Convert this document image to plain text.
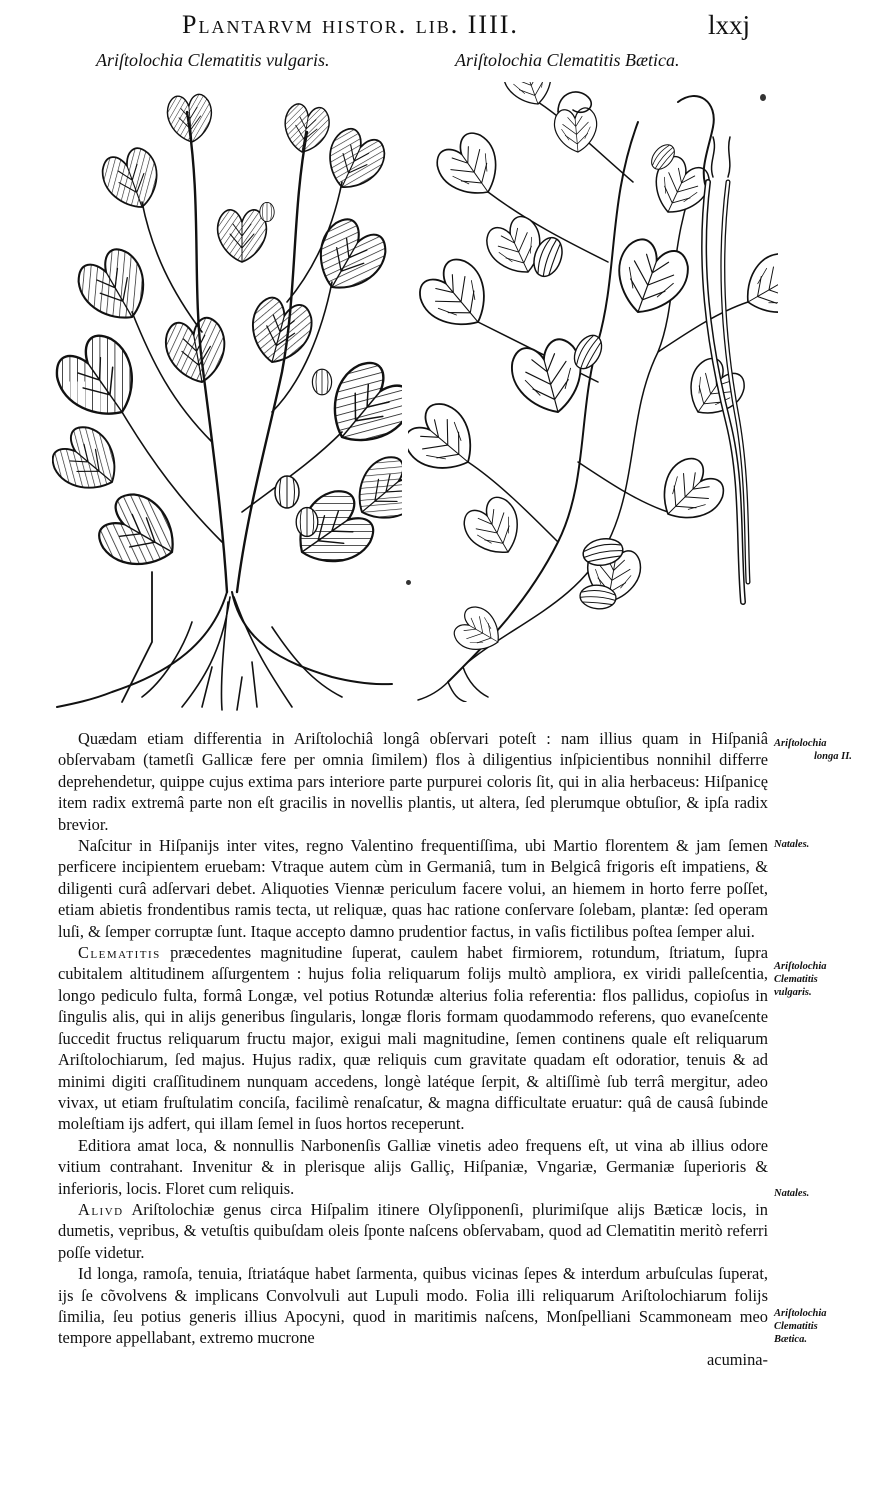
Plantarvm histor. lib. IIII.	lxxj
Ariſtolochia Clematitis vulgaris.	Ariſtolochia Clematitis Bætica.

Quædam etiam differentia in Ariſtolochiâ longâ obſervari poteſt : nam illius quam in Hiſpaniâ obſervabam (tametſi Gallicæ fere per omnia ſimilem) flos à diligentius inſpicientibus nonnihil differre deprehendetur, quippe cujus extima pars interiore parte purpurei coloris ſit, qui in alia herbaceus: Hiſpanicę item radix extremâ parte non eſt gracilis in novellis plantis, ut altera, ſed plerumque obtuſior, & ipſa radix brevior.

Naſcitur in Hiſpanijs inter vites, regno Valentino frequentiſſima, ubi Martio florentem & jam ſemen perficere incipientem eruebam: Vtraque autem cùm in Germaniâ, tum in Belgicâ frigoris eſt impatiens, & diligenti curâ adſervari debet. Aliquoties Viennæ periculum facere volui, an hiemem in horto ferre poſſet, etiam abietis frondentibus ramis tecta, ut reliquæ, quas hac ratione conſervare ſolebam, plantæ: ſed operam luſi, & ſemper corruptæ ſunt. Itaque accepto damno prudentior factus, in vaſis fictilibus poſtea ſemper alui.

Clematitis præcedentes magnitudine ſuperat, caulem habet firmiorem, rotundum, ſtriatum, ſupra cubitalem altitudinem aſſurgentem : hujus folia reliquarum folijs multò ampliora, ex viridi palleſcentia, longo pediculo fulta, formâ Longæ, vel potius Rotundæ alterius folia referentia: flos pallidus, copioſus in ſingulis alis, qui in alijs generibus ſingularis, longæ floris formam quodammodo referens, quo evaneſcente ſuccedit fructus reliquarum fructu major, exigui mali magnitudine, ſemen continens quale eſt reliquarum Ariſtolochiarum, ſed majus. Hujus radix, quæ reliquis cum gravitate quadam eſt odoratior, tenuis & ad minimi digiti craſſitudinem nunquam accedens, longè latéque ſerpit, & altiſſimè ſub terrâ mergitur, adeo vivax, ut etiam fruſtulatim conciſa, facilimè renaſcatur, & magna difficultate eruatur: quâ de causâ ſubinde moleſtiam ijs adfert, qui illam ſemel in ſuos hortos receperunt.

Editiora amat loca, & nonnullis Narbonenſis Galliæ vinetis adeo frequens eſt, ut vina ab illius odore vitium contrahant. Invenitur & in plerisque alijs Galliç, Hiſpaniæ, Vngariæ, Germaniæ ſuperioris & inferioris, locis. Floret cum reliquis.

Alivd Ariſtolochiæ genus circa Hiſpalim itinere Olyſipponenſi, plurimiſque alijs Bæticæ locis, in dumetis, vepribus, & vetuſtis quibuſdam oleis ſponte naſcens obſervabam, quod ad Clematitin meritò referri poſſe videtur.

Id longa, ramoſa, tenuia, ſtriatáque habet ſarmenta, quibus vicinas ſepes & interdum arbuſculas ſuperat, ijs ſe cõvolvens & implicans Convolvuli aut Lupuli modo. Folia illi reliquarum Ariſtolochiarum folijs ſimilia, ſeu potius generis illius Apocyni, quod in maritimis naſcens, Monſpelliani Scammoneam meo tempore appellabant, extremo mucrone

acumina-

Ariſtolochia
longa II.
Natales.
Ariſtolochia
Clematitis
vulgaris.
Natales.
Ariſtolochia
Clematitis
Bætica.
